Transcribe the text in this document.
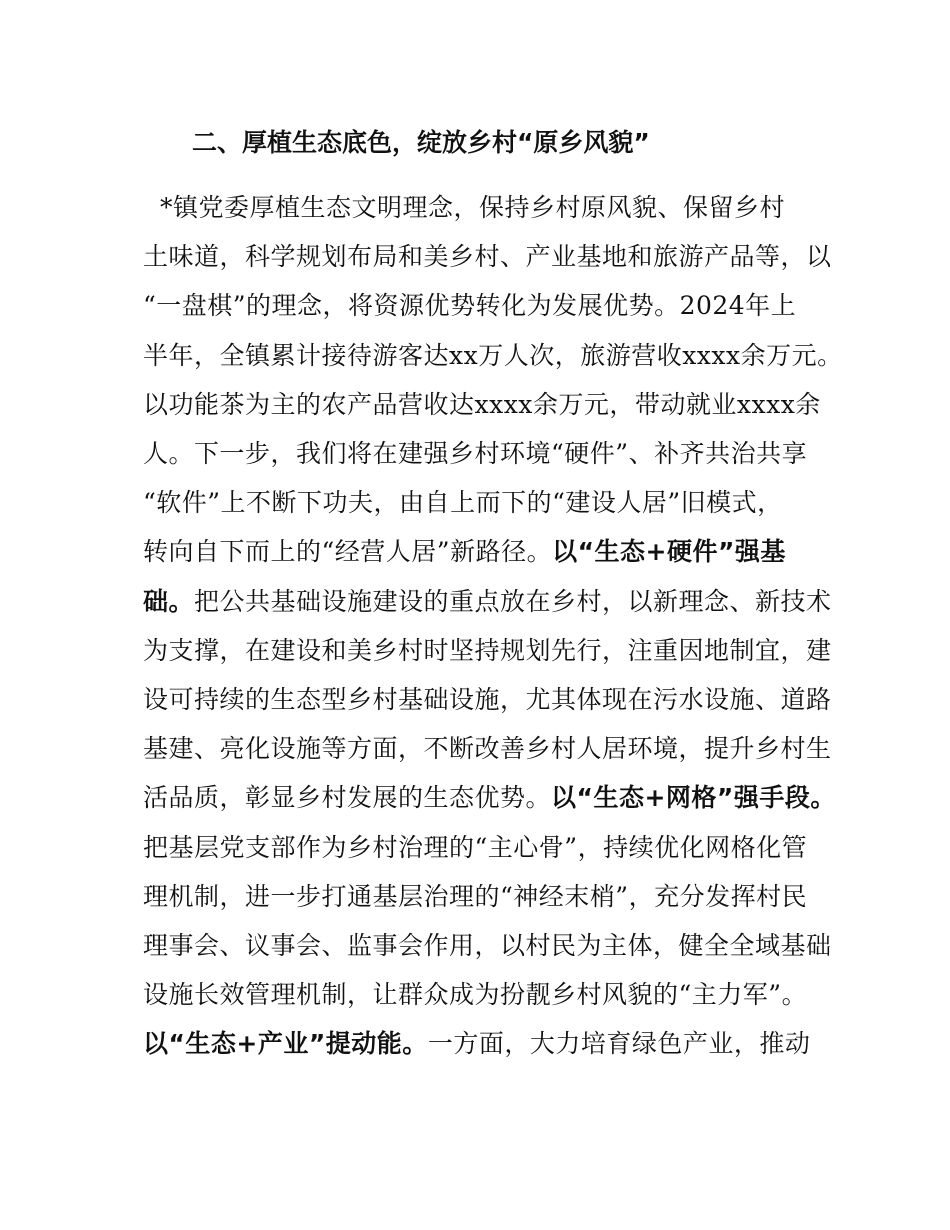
二、厚植生态底色，绽放乡村“原乡风貌”
*镇党委厚植生态文明理念，保持乡村原风貌、保留乡村
土味道，科学规划布局和美乡村、产业基地和旅游产品等，以
“一盘棋”的理念，将资源优势转化为发展优势。2024年上
半年，全镇累计接待游客达xx万人次，旅游营收xxxx余万元。
以功能茶为主的农产品营收达xxxx余万元，带动就业xxxx余
人。下一步，我们将在建强乡村环境“硬件”、补齐共治共享
“软件”上不断下功夫，由自上而下的“建设人居”旧模式，
转向自下而上的“经营人居”新路径。以“生态+硬件”强基
础。把公共基础设施建设的重点放在乡村，以新理念、新技术
为支撑，在建设和美乡村时坚持规划先行，注重因地制宜，建
设可持续的生态型乡村基础设施，尤其体现在污水设施、道路
基建、亮化设施等方面，不断改善乡村人居环境，提升乡村生
活品质，彰显乡村发展的生态优势。以“生态+网格”强手段。
把基层党支部作为乡村治理的“主心骨”，持续优化网格化管
理机制，进一步打通基层治理的“神经末梢”，充分发挥村民
理事会、议事会、监事会作用，以村民为主体，健全全域基础
设施长效管理机制，让群众成为扮靓乡村风貌的“主力军”。
以“生态+产业”提动能。一方面，大力培育绿色产业，推动
